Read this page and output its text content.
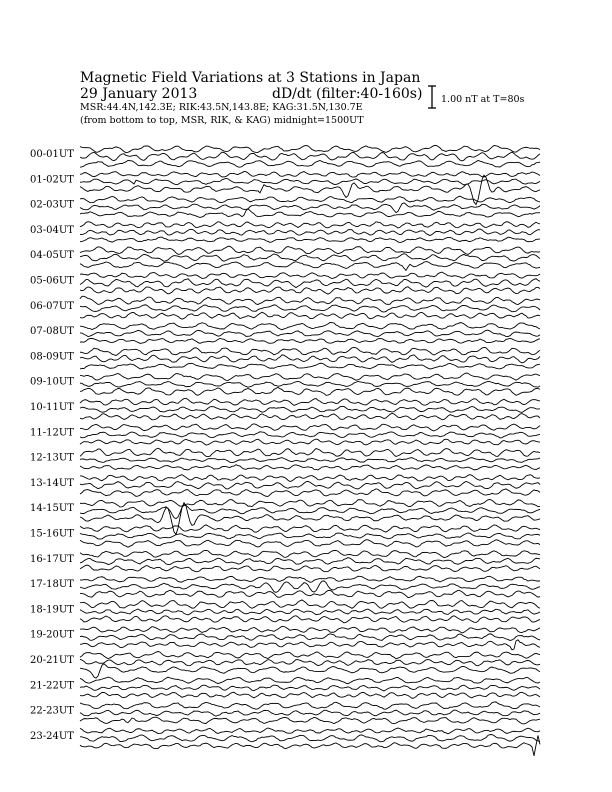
Magnetic Field Variations at 3 Stations in Japan
29 January 2013	dD/dt (filter:40-160s)
MSR:44.4N,142.3E; RIK:43.5N,143.8E; KAG:31.5N,130.7E
(from bottom to top, MSR, RIK, & KAG) midnight=1500UT
1.00 nT at T=80s
00-01UT
01-02UT
02-03UT
03-04UT
04-05UT
05-06UT
06-07UT
07-08UT
08-09UT
09-10UT
10-11UT
11-12UT
12-13UT
13-14UT
14-15UT
15-16UT
16-17UT
17-18UT
18-19UT
19-20UT
20-21UT
21-22UT
22-23UT
23-24UT
